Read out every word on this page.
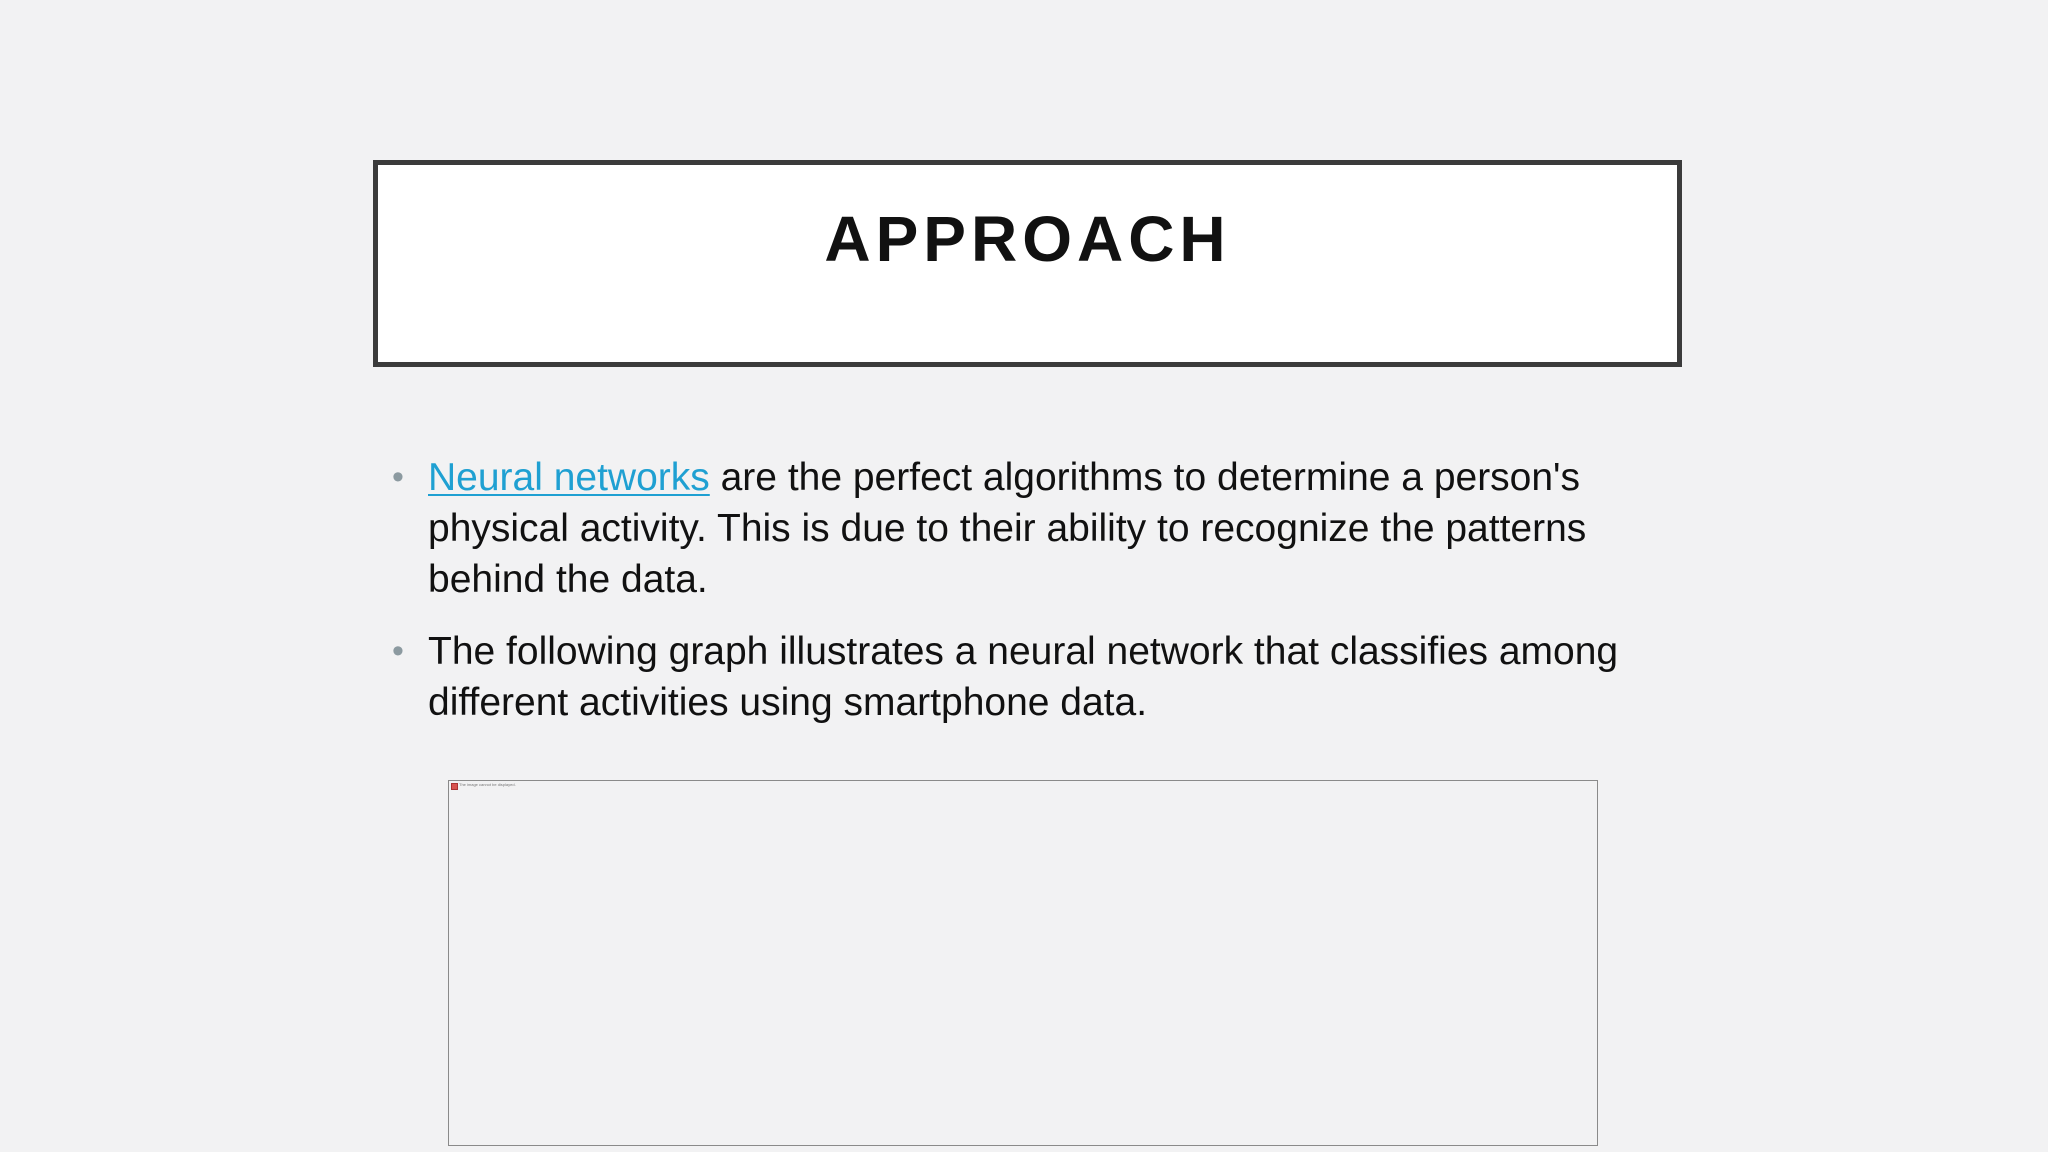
APPROACH
• Neural networks are the perfect algorithms to determine a person's physical activity. This is due to their ability to recognize the patterns behind the data.
• The following graph illustrates a neural network that classifies among different activities using smartphone data.
The image cannot be displayed.
